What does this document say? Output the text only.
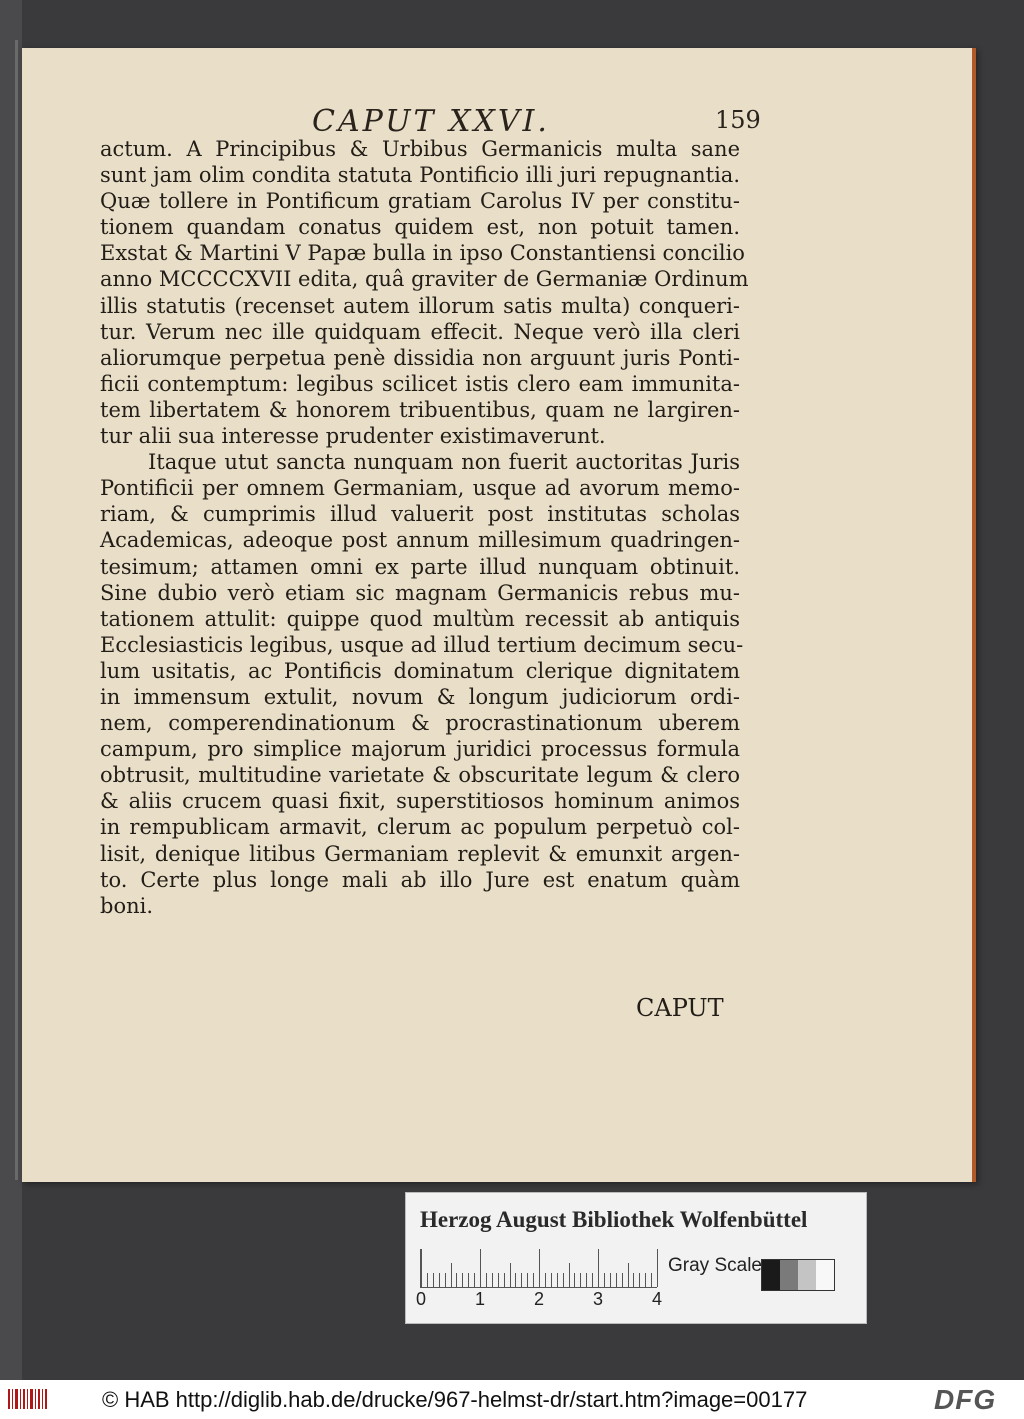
CAPUT XXVI.	159
actum. A Principibus & Urbibus Germanicis multa sane
sunt jam olim condita statuta Pontificio illi juri repugnantia.
Quæ tollere in Pontificum gratiam Carolus IV per constitu-
tionem quandam conatus quidem est, non potuit tamen.
Exstat & Martini V Papæ bulla in ipso Constantiensi concilio
anno MCCCCXVII edita, quâ graviter de Germaniæ Ordinum
illis statutis (recenset autem illorum satis multa) conqueri-
tur. Verum nec ille quidquam effecit. Neque verò illa cleri
aliorumque perpetua penè dissidia non arguunt juris Ponti-
ficii contemptum: legibus scilicet istis clero eam immunita-
tem libertatem & honorem tribuentibus, quam ne largiren-
tur alii sua interesse prudenter existimaverunt.
Itaque utut sancta nunquam non fuerit auctoritas Juris
Pontificii per omnem Germaniam, usque ad avorum memo-
riam, & cumprimis illud valuerit post institutas scholas
Academicas, adeoque post annum millesimum quadringen-
tesimum; attamen omni ex parte illud nunquam obtinuit.
Sine dubio verò etiam sic magnam Germanicis rebus mu-
tationem attulit: quippe quod multùm recessit ab antiquis
Ecclesiasticis legibus, usque ad illud tertium decimum secu-
lum usitatis, ac Pontificis dominatum clerique dignitatem
in immensum extulit, novum & longum judiciorum ordi-
nem, comperendinationum & procrastinationum uberem
campum, pro simplice majorum juridici processus formula
obtrusit, multitudine varietate & obscuritate legum & clero
& aliis crucem quasi fixit, superstitiosos hominum animos
in rempublicam armavit, clerum ac populum perpetuò col-
lisit, denique litibus Germaniam replevit & emunxit argen-
to. Certe plus longe mali ab illo Jure est enatum quàm
boni.
CAPUT
Herzog August Bibliothek Wolfenbüttel
0	1	2	3	4
Gray Scale
© HAB http://diglib.hab.de/drucke/967-helmst-dr/start.htm?image=00177	DFG
